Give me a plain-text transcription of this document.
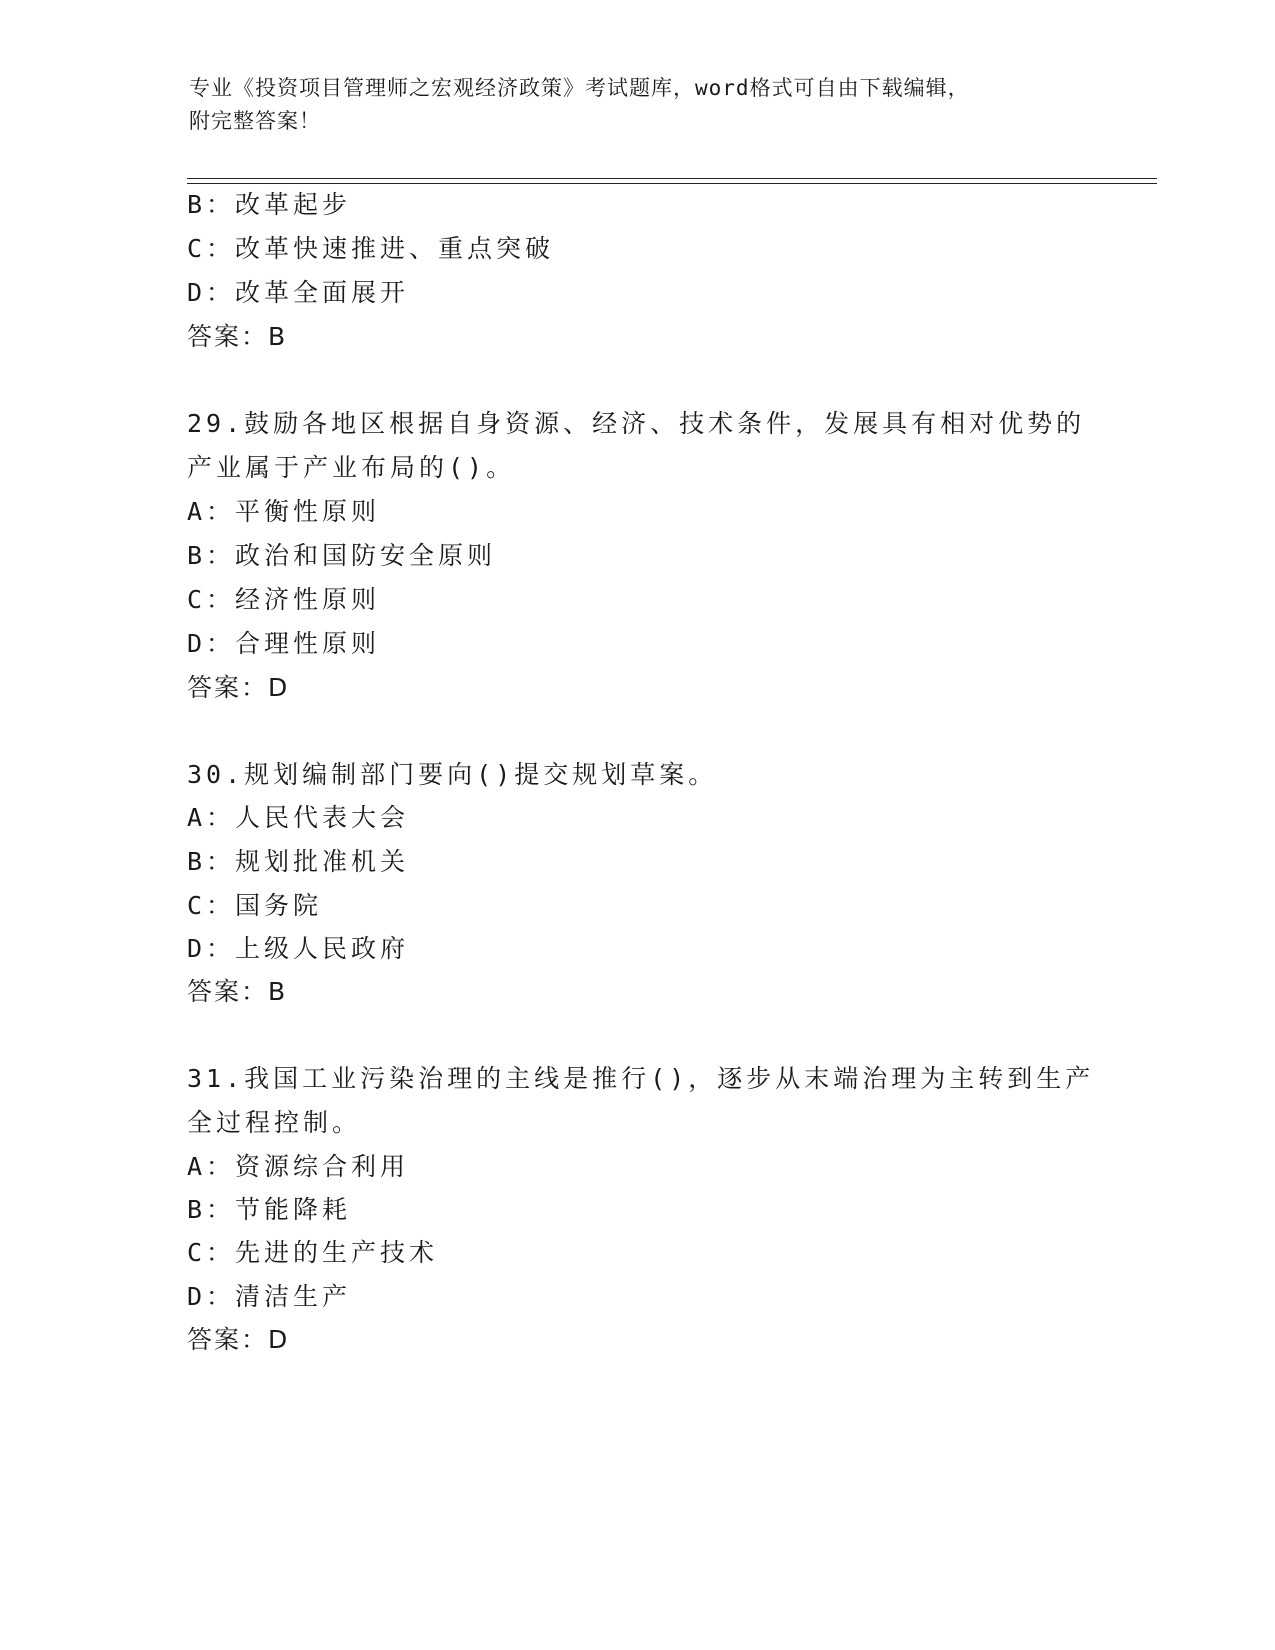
专业《投资项目管理师之宏观经济政策》考试题库，word格式可自由下载编辑，
附完整答案！
B：改革起步
C：改革快速推进、重点突破
D：改革全面展开
答案：B
29.鼓励各地区根据自身资源、经济、技术条件，发展具有相对优势的
产业属于产业布局的()。
A：平衡性原则
B：政治和国防安全原则
C：经济性原则
D：合理性原则
答案：D
30.规划编制部门要向()提交规划草案。
A：人民代表大会
B：规划批准机关
C：国务院
D：上级人民政府
答案：B
31.我国工业污染治理的主线是推行()，逐步从末端治理为主转到生产
全过程控制。
A：资源综合利用
B：节能降耗
C：先进的生产技术
D：清洁生产
答案：D
